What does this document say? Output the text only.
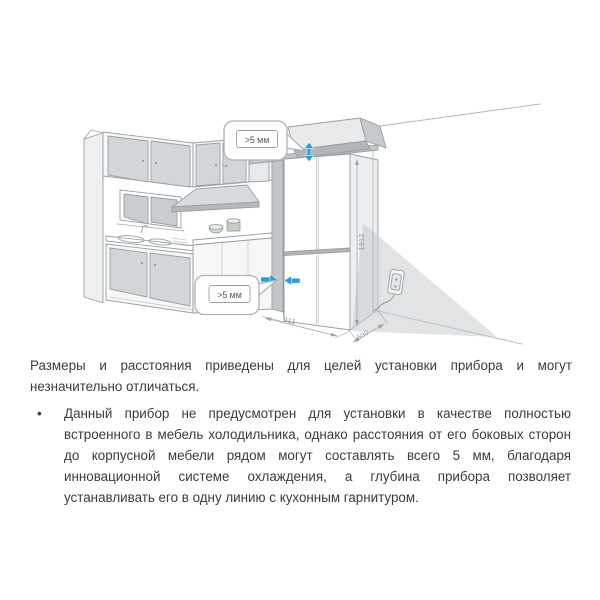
1912
911
600
>5 мм
>5 мм
Размеры и расстояния приведены для целей установки прибора и могут незначительно отличаться.
• Данный прибор не предусмотрен для установки в качестве полностью встроенного в мебель холодильника, однако расстояния от его боковых сторон до корпусной мебели рядом могут составлять всего 5 мм, благодаря инновационной системе охлаждения, а глубина прибора позволяет устанавливать его в одну линию с кухонным гарнитуром.
